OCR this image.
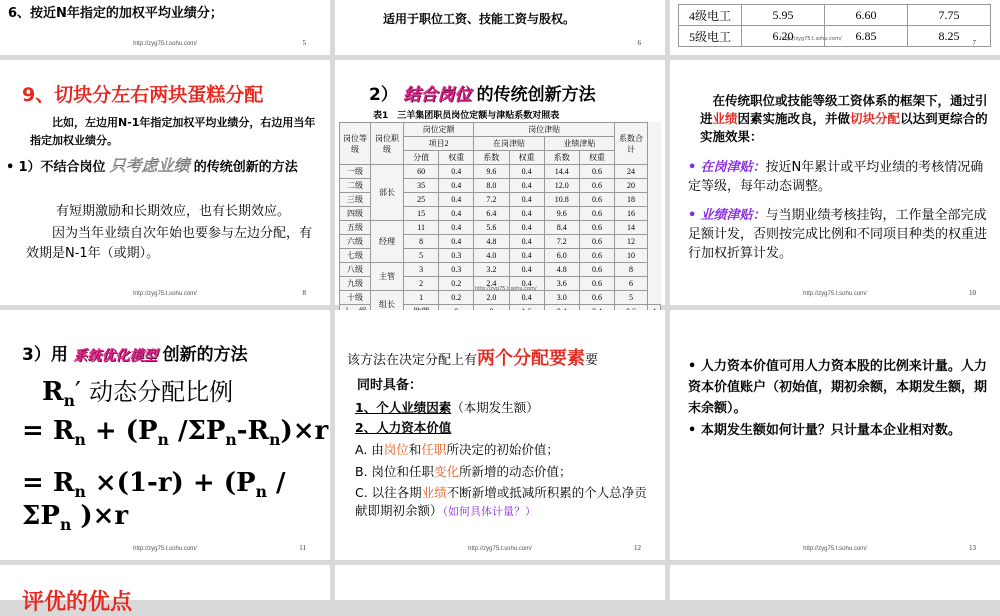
6、按近N年指定的加权平均业绩分；
http://zyg75.t.sohu.com/	5
适用于职位工资、技能工资与股权。
6
4级电工	5.95	6.60	7.75
5级电工	6.20	6.85	8.25
http://zyg75.t.sohu.com/	7
9、切块分左右两块蛋糕分配
比如，左边用N-1年指定加权平均业绩分，右边用当年指定加权业绩分。
• 1）不结合岗位 只考虑业绩 的传统创新的方法
有短期激励和长期效应，也有长期效应。
因为当年业绩自次年始也要参与左边分配，有效期是N-1年（或期）。
http://zyg75.t.sohu.com/	8
2） 结合岗位 的传统创新方法
表1　三羊集团职员岗位定额与津贴系数对照表
岗位等级	岗位职级	岗位定额		岗位津贴				系数合计	
		项目2		在岗津贴		业绩津贴			
		分值	权重	系数	权重	系数	权重		
一级	部长	60	0.4	9.6	0.4	14.4	0.6	24	
二级		35	0.4	8.0	0.4	12.0	0.6	20	
三级		25	0.4	7.2	0.4	10.8	0.6	18	
四级		15	0.4	6.4	0.4	9.6	0.6	16	
五级	经理	11	0.4	5.6	0.4	8.4	0.6	14	
六级		8	0.4	4.8	0.4	7.2	0.6	12	
七级		5	0.3	4.0	0.4	6.0	0.6	10	
八级	主管	3	0.3	3.2	0.4	4.8	0.6	8	
九级		2	0.2	2.4	0.4	3.6	0.6	6	
十级	组长	1	0.2	2.0	0.4	3.0	0.6	5	

http://zyg75.t.sohu.com/
在传统职位或技能等级工资体系的框架下，通过引进业绩因素实施改良，并做切块分配以达到更综合的实施效果：
• 在岗津贴：按近N年累计或平均业绩的考核情况确定等级，每年动态调整。
• 业绩津贴：与当期业绩考核挂钩，工作量全部完成足额计发，否则按完成比例和不同项目种类的权重进行加权折算计发。
http://zyg75.t.sohu.com/	10
3）用 系统优化模型 创新的方法
$R_n'$ 动态分配比例
= $R_n + (P_n$ $/\Sigma P_n-R_n)\times r$
= $R_n \times(1-r) + (P_n$ $/\Sigma P_n$ )×r
http://zyg75.t.sohu.com/	11
该方法在决定分配上有两个分配要素要
同时具备：
1、个人业绩因素（本期发生额）
2、人力资本价值
A. 由岗位和任职所决定的初始价值；
B. 岗位和任职变化所新增的动态价值；
C. 以往各期业绩不断新增或抵减所积累的个人总净贡献即期初余额）（如何具体计量？）
http://zyg75.t.sohu.com/	12
• 人力资本价值可用人力资本股的比例来计量。人力资本价值账户（初始值，期初余额，本期发生额，期末余额）。
• 本期发生额如何计量？只计量本企业相对数。
http://zyg75.t.sohu.com/	13
评优的优点
